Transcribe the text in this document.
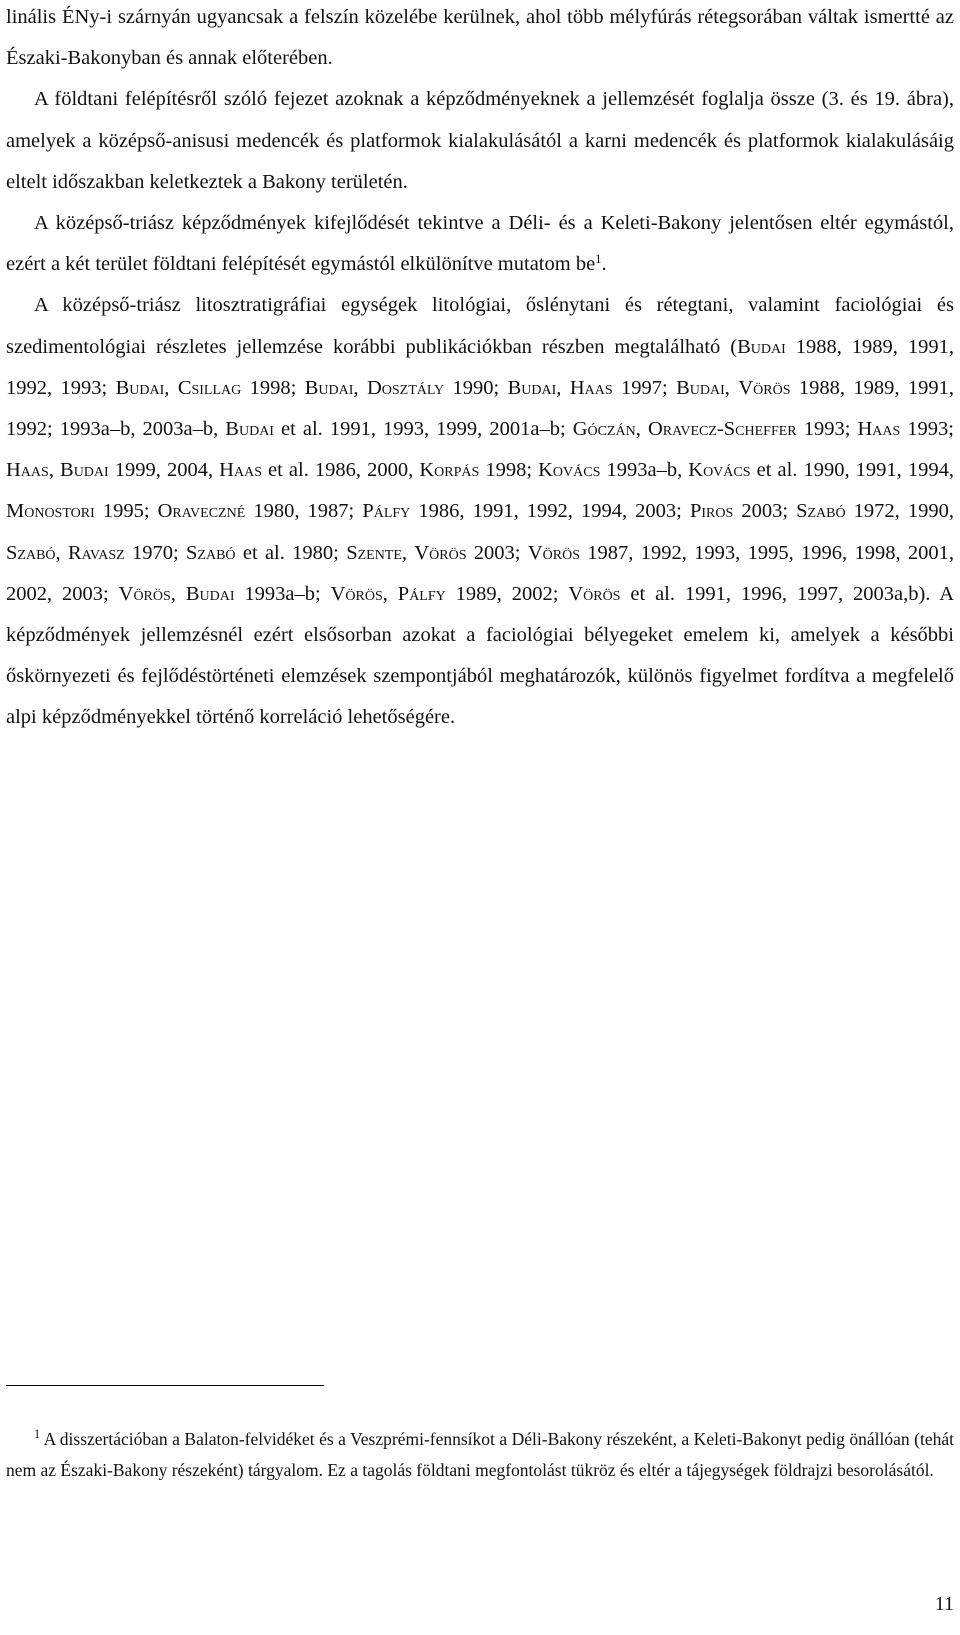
linális ÉNy-i szárnyán ugyancsak a felszín közelébe kerülnek, ahol több mélyfúrás rétegsorában váltak ismertté az Északi-Bakonyban és annak előterében.

A földtani felépítésről szóló fejezet azoknak a képződményeknek a jellemzését foglalja össze (3. és 19. ábra), amelyek a középső-anisusi medencék és platformok kialakulásától a karni medencék és platformok kialakulásáig eltelt időszakban keletkeztek a Bakony területén.

A középső-triász képződmények kifejlődését tekintve a Déli- és a Keleti-Bakony jelentősen eltér egymástól, ezért a két terület földtani felépítését egymástól elkülönítve mutatom $be^1$.

A középső-triász litosztratigráfiai egységek litológiai, őslénytani és rétegtani, valamint faciológiai és szedimentológiai részletes jellemzése korábbi publikációkban részben megtalálható (Budai 1988, 1989, 1991, 1992, 1993; Budai, Csillag 1998; Budai, Dosztály 1990; Budai, Haas 1997; Budai, Vörös 1988, 1989, 1991, 1992; 1993a–b, 2003a–b, Budai et al. 1991, 1993, 1999, 2001a–b; Góczán, Oravecz-Scheffer 1993; Haas 1993; Haas, Budai 1999, 2004, Haas et al. 1986, 2000, Korpás 1998; Kovács 1993a–b, Kovács et al. 1990, 1991, 1994, Monostori 1995; Oraveczné 1980, 1987; Pálfy 1986, 1991, 1992, 1994, 2003; Piros 2003; Szabó 1972, 1990, Szabó, Ravasz 1970; Szabó et al. 1980; Szente, Vörös 2003; Vörös 1987, 1992, 1993, 1995, 1996, 1998, 2001, 2002, 2003; Vörös, Budai 1993a–b; Vörös, Pálfy 1989, 2002; Vörös et al. 1991, 1996, 1997, 2003a,b). A képződmények jellemzésnél ezért elsősorban azokat a faciológiai bélyegeket emelem ki, amelyek a későbbi őskörnyezeti és fejlődéstörténeti elemzések szempontjából meghatározók, különös figyelmet fordítva a megfelelő alpi képződményekkel történő korreláció lehetőségére.

$^1$ A disszertációban a Balaton-felvidéket és a Veszprémi-fennsíkot a Déli-Bakony részeként, a Keleti-Bakonyt pedig önállóan (tehát nem az Északi-Bakony részeként) tárgyalom. Ez a tagolás földtani megfontolást tükröz és eltér a tájegységek földrajzi besorolásától.

11
